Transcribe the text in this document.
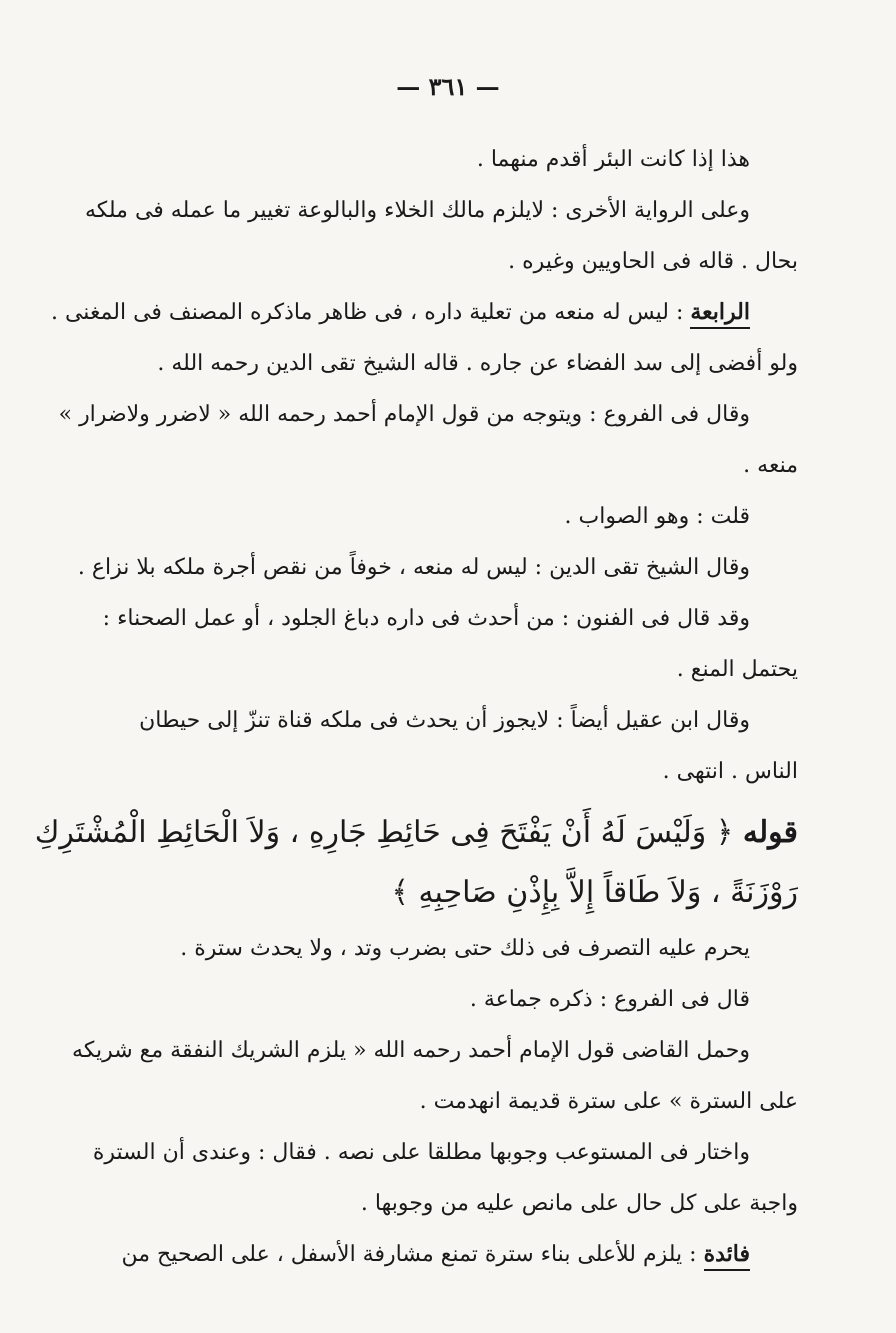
— ٣٦١ —
هذا إذا كانت البئر أقدم منهما .
وعلى الرواية الأخرى : لايلزم مالك الخلاء والبالوعة تغيير ما عمله فى ملكه
بحال . قاله فى الحاويين وغيره .
الرابعة : ليس له منعه من تعلية داره ، فى ظاهر ماذكره المصنف فى المغنى .
ولو أفضى إلى سد الفضاء عن جاره . قاله الشيخ تقى الدين رحمه الله .
وقال فى الفروع : ويتوجه من قول الإمام أحمد رحمه الله « لاضرر ولاضرار »
منعه .
قلت : وهو الصواب .
وقال الشيخ تقى الدين : ليس له منعه ، خوفاً من نقص أجرة ملكه بلا نزاع .
وقد قال فى الفنون : من أحدث فى داره دباغ الجلود ، أو عمل الصحناء :
يحتمل المنع .
وقال ابن عقيل أيضاً : لايجوز أن يحدث فى ملكه قناة تنزّ إلى حيطان
الناس . انتهى .
قوله ﴿ وَلَيْسَ لَهُ أَنْ يَفْتَحَ فِى حَائِطِ جَارِهِ ، وَلاَ الْحَائِطِ الْمُشْتَرِكِ
رَوْزَنَةً ، وَلاَ طَاقاً إِلاَّ بِإِذْنِ صَاحِبِهِ ﴾
يحرم عليه التصرف فى ذلك حتى بضرب وتد ، ولا يحدث سترة .
قال فى الفروع : ذكره جماعة .
وحمل القاضى قول الإمام أحمد رحمه الله « يلزم الشريك النفقة مع شريكه
على السترة » على سترة قديمة انهدمت .
واختار فى المستوعب وجوبها مطلقا على نصه . فقال : وعندى أن السترة
واجبة على كل حال على مانص عليه من وجوبها .
فائدة : يلزم للأعلى بناء سترة تمنع مشارفة الأسفل ، على الصحيح من
